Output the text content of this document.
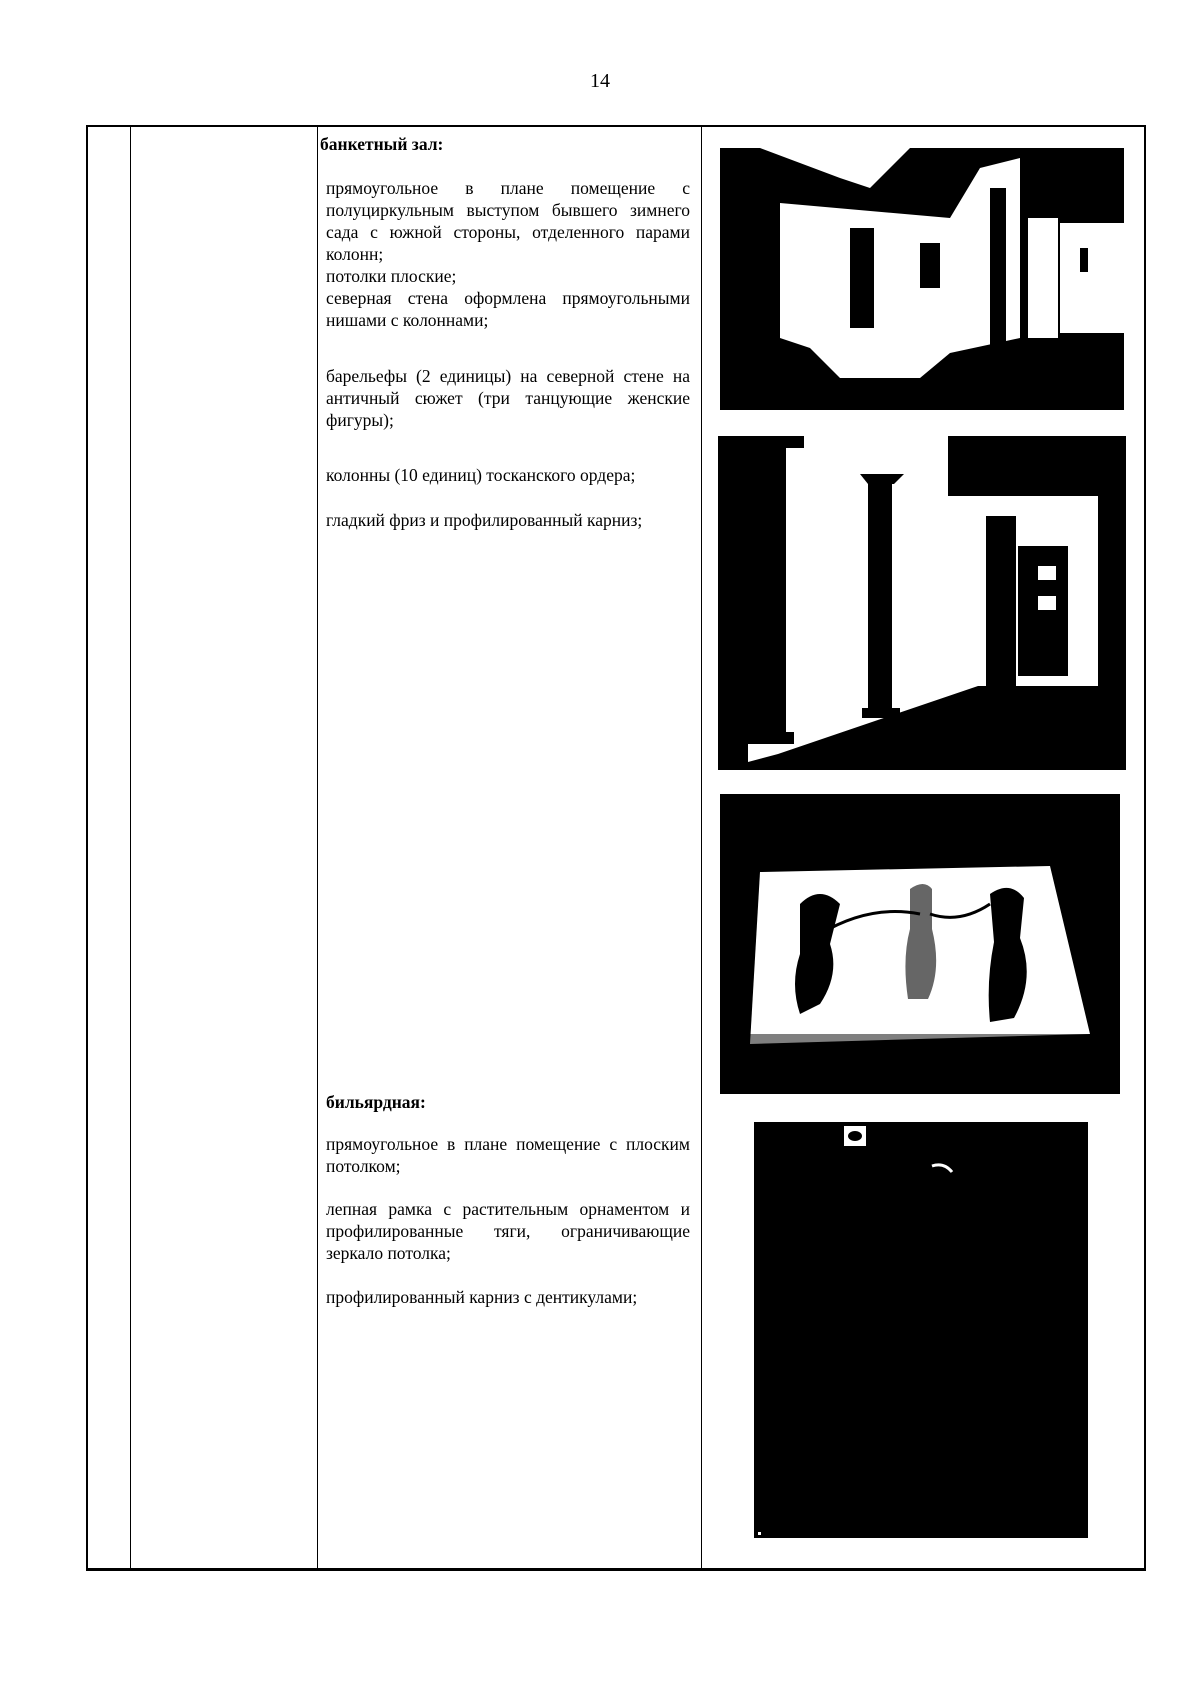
14
банкетный зал:
прямоугольное в плане помещение с полуциркульным выступом бывшего зимнего сада с южной стороны, отделенного парами колонн;
потолки плоские;
северная стена оформлена прямоугольными нишами с колоннами;
барельефы (2 единицы) на северной стене на античный сюжет (три танцующие женские фигуры);
колонны (10 единиц) тосканского ордера;
гладкий фриз и профилированный карниз;
бильярдная:
прямоугольное в плане помещение с плоским потолком;
лепная рамка с растительным орнаментом и профилированные тяги, ограничивающие зеркало потолка;
профилированный карниз с дентикулами;
